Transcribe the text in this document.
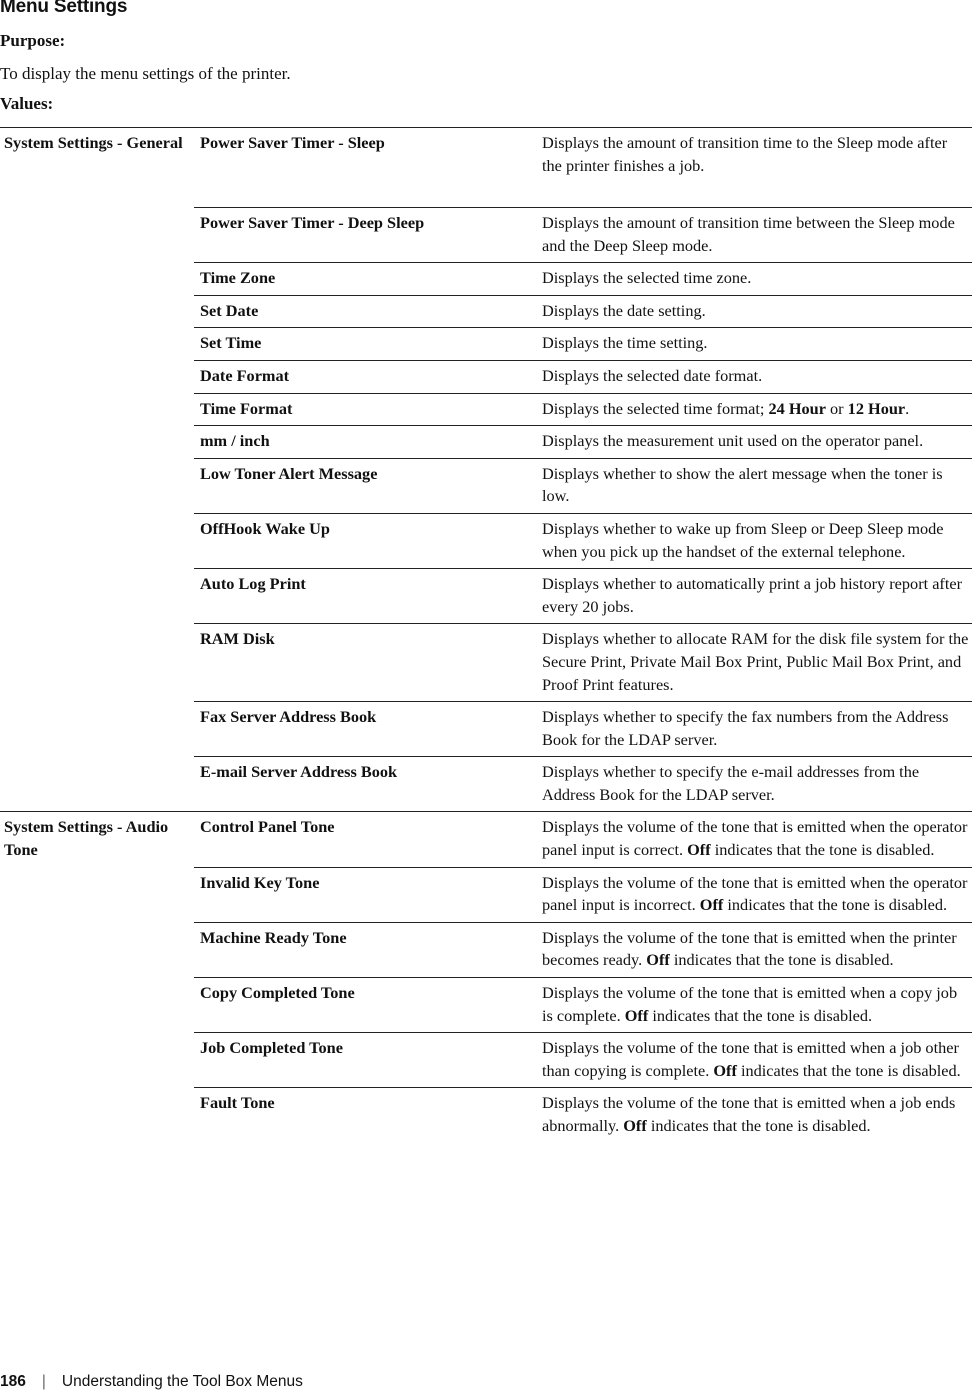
Menu Settings

Purpose:

To display the menu settings of the printer.

Values:

System Settings - General	Power Saver Timer - Sleep	Displays the amount of transition time to the Sleep mode after the printer finishes a job.
	Power Saver Timer - Deep Sleep	Displays the amount of transition time between the Sleep mode and the Deep Sleep mode.
	Time Zone	Displays the selected time zone.
	Set Date	Displays the date setting.
	Set Time	Displays the time setting.
	Date Format	Displays the selected date format.
	Time Format	Displays the selected time format; 24 Hour or 12 Hour.
	mm / inch	Displays the measurement unit used on the operator panel.
	Low Toner Alert Message	Displays whether to show the alert message when the toner is low.
	OffHook Wake Up	Displays whether to wake up from Sleep or Deep Sleep mode when you pick up the handset of the external telephone.
	Auto Log Print	Displays whether to automatically print a job history report after every 20 jobs.
	RAM Disk	Displays whether to allocate RAM for the disk file system for the Secure Print, Private Mail Box Print, Public Mail Box Print, and Proof Print features.
	Fax Server Address Book	Displays whether to specify the fax numbers from the Address Book for the LDAP server.
	E-mail Server Address Book	Displays whether to specify the e-mail addresses from the Address Book for the LDAP server.
System Settings - Audio Tone	Control Panel Tone	Displays the volume of the tone that is emitted when the operator panel input is correct. Off indicates that the tone is disabled.
	Invalid Key Tone	Displays the volume of the tone that is emitted when the operator panel input is incorrect. Off indicates that the tone is disabled.
	Machine Ready Tone	Displays the volume of the tone that is emitted when the printer becomes ready. Off indicates that the tone is disabled.
	Copy Completed Tone	Displays the volume of the tone that is emitted when a copy job is complete. Off indicates that the tone is disabled.
	Job Completed Tone	Displays the volume of the tone that is emitted when a job other than copying is complete. Off indicates that the tone is disabled.
	Fault Tone	Displays the volume of the tone that is emitted when a job ends abnormally. Off indicates that the tone is disabled.
186 | Understanding the Tool Box Menus
